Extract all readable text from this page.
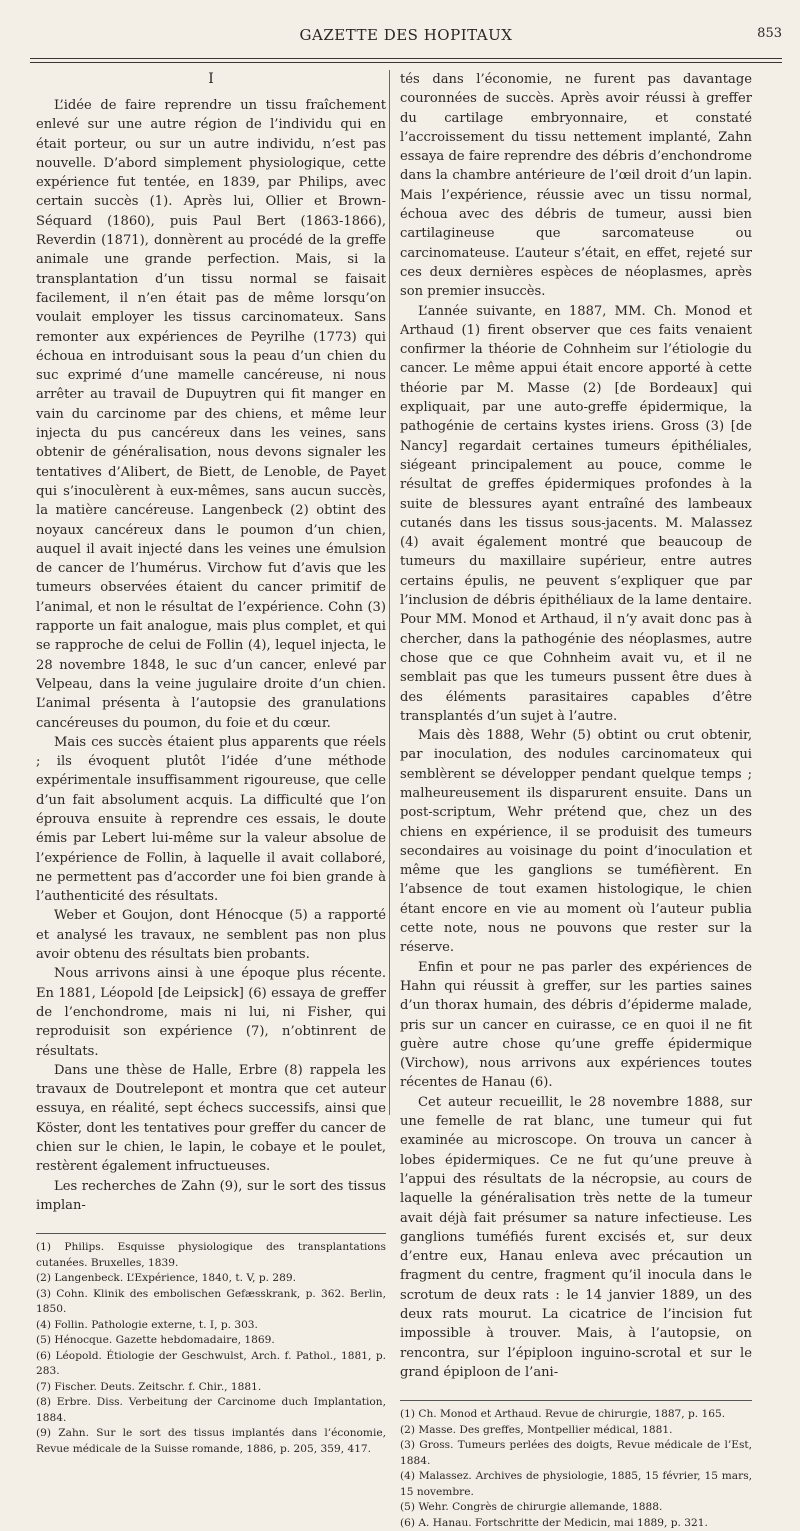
GAZETTE DES HOPITAUX	853
I

L’idée de faire reprendre un tissu fraîchement enlevé sur une autre région de l’individu qui en était porteur, ou sur un autre individu, n’est pas nouvelle. D’abord simplement physiologique, cette expérience fut tentée, en 1839, par Philips, avec certain succès (1). Après lui, Ollier et Brown-Séquard (1860), puis Paul Bert (1863-1866), Reverdin (1871), donnèrent au procédé de la greffe animale une grande perfection. Mais, si la transplantation d’un tissu normal se faisait facilement, il n’en était pas de même lorsqu’on voulait employer les tissus carcinomateux. Sans remonter aux expériences de Peyrilhe (1773) qui échoua en introduisant sous la peau d’un chien du suc exprimé d’une mamelle cancéreuse, ni nous arrêter au travail de Dupuytren qui fit manger en vain du carcinome par des chiens, et même leur injecta du pus cancéreux dans les veines, sans obtenir de généralisation, nous devons signaler les tentatives d’Alibert, de Biett, de Lenoble, de Payet qui s’inoculèrent à eux-mêmes, sans aucun succès, la matière cancéreuse. Langenbeck (2) obtint des noyaux cancéreux dans le poumon d’un chien, auquel il avait injecté dans les veines une émulsion de cancer de l’humérus. Virchow fut d’avis que les tumeurs observées étaient du cancer primitif de l’animal, et non le résultat de l’expérience. Cohn (3) rapporte un fait analogue, mais plus complet, et qui se rapproche de celui de Follin (4), lequel injecta, le 28 novembre 1848, le suc d’un cancer, enlevé par Velpeau, dans la veine jugulaire droite d’un chien. L’animal présenta à l’autopsie des granulations cancéreuses du poumon, du foie et du cœur.

Mais ces succès étaient plus apparents que réels ; ils évoquent plutôt l’idée d’une méthode expérimentale insuffisamment rigoureuse, que celle d’un fait absolument acquis. La difficulté que l’on éprouva ensuite à reprendre ces essais, le doute émis par Lebert lui-même sur la valeur absolue de l’expérience de Follin, à laquelle il avait collaboré, ne permettent pas d’accorder une foi bien grande à l’authenticité des résultats.

Weber et Goujon, dont Hénocque (5) a rapporté et analysé les travaux, ne semblent pas non plus avoir obtenu des résultats bien probants.

Nous arrivons ainsi à une époque plus récente. En 1881, Léopold [de Leipsick] (6) essaya de greffer de l’enchondrome, mais ni lui, ni Fisher, qui reproduisit son expérience (7), n’obtinrent de résultats.

Dans une thèse de Halle, Erbre (8) rappela les travaux de Doutrelepont et montra que cet auteur essuya, en réalité, sept échecs successifs, ainsi que Köster, dont les tentatives pour greffer du cancer de chien sur le chien, le lapin, le cobaye et le poulet, restèrent également infructueuses.

Les recherches de Zahn (9), sur le sort des tissus implan-

(1) Philips. Esquisse physiologique des transplantations cutanées. Bruxelles, 1839.
(2) Langenbeck. L’Expérience, 1840, t. V, p. 289.
(3) Cohn. Klinik des embolischen Gefæsskrank, p. 362. Berlin, 1850.
(4) Follin. Pathologie externe, t. I, p. 303.
(5) Hénocque. Gazette hebdomadaire, 1869.
(6) Léopold. Étiologie der Geschwulst, Arch. f. Pathol., 1881, p. 283.
(7) Fischer. Deuts. Zeitschr. f. Chir., 1881.
(8) Erbre. Diss. Verbeitung der Carcinome duch Implantation, 1884.
(9) Zahn. Sur le sort des tissus implantés dans l’économie, Revue médicale de la Suisse romande, 1886, p. 205, 359, 417.

tés dans l’économie, ne furent pas davantage couronnées de succès. Après avoir réussi à greffer du cartilage embryonnaire, et constaté l’accroissement du tissu nettement implanté, Zahn essaya de faire reprendre des débris d’enchondrome dans la chambre antérieure de l’œil droit d’un lapin. Mais l’expérience, réussie avec un tissu normal, échoua avec des débris de tumeur, aussi bien cartilagineuse que sarcomateuse ou carcinomateuse. L’auteur s’était, en effet, rejeté sur ces deux dernières espèces de néoplasmes, après son premier insuccès.

L’année suivante, en 1887, MM. Ch. Monod et Arthaud (1) firent observer que ces faits venaient confirmer la théorie de Cohnheim sur l’étiologie du cancer. Le même appui était encore apporté à cette théorie par M. Masse (2) [de Bordeaux] qui expliquait, par une auto-greffe épidermique, la pathogénie de certains kystes iriens. Gross (3) [de Nancy] regardait certaines tumeurs épithéliales, siégeant principalement au pouce, comme le résultat de greffes épidermiques profondes à la suite de blessures ayant entraîné des lambeaux cutanés dans les tissus sous-jacents. M. Malassez (4) avait également montré que beaucoup de tumeurs du maxillaire supérieur, entre autres certains épulis, ne peuvent s’expliquer que par l’inclusion de débris épithéliaux de la lame dentaire. Pour MM. Monod et Arthaud, il n’y avait donc pas à chercher, dans la pathogénie des néoplasmes, autre chose que ce que Cohnheim avait vu, et il ne semblait pas que les tumeurs pussent être dues à des éléments parasitaires capables d’être transplantés d’un sujet à l’autre.

Mais dès 1888, Wehr (5) obtint ou crut obtenir, par inoculation, des nodules carcinomateux qui semblèrent se développer pendant quelque temps ; malheureusement ils disparurent ensuite. Dans un post-scriptum, Wehr prétend que, chez un des chiens en expérience, il se produisit des tumeurs secondaires au voisinage du point d’inoculation et même que les ganglions se tuméfièrent. En l’absence de tout examen histologique, le chien étant encore en vie au moment où l’auteur publia cette note, nous ne pouvons que rester sur la réserve.

Enfin et pour ne pas parler des expériences de Hahn qui réussit à greffer, sur les parties saines d’un thorax humain, des débris d’épiderme malade, pris sur un cancer en cuirasse, ce en quoi il ne fit guère autre chose qu’une greffe épidermique (Virchow), nous arrivons aux expériences toutes récentes de Hanau (6).

Cet auteur recueillit, le 28 novembre 1888, sur une femelle de rat blanc, une tumeur qui fut examinée au microscope. On trouva un cancer à lobes épidermiques. Ce ne fut qu’une preuve à l’appui des résultats de la nécropsie, au cours de laquelle la généralisation très nette de la tumeur avait déjà fait présumer sa nature infectieuse. Les ganglions tuméfiés furent excisés et, sur deux d’entre eux, Hanau enleva avec précaution un fragment du centre, fragment qu’il inocula dans le scrotum de deux rats : le 14 janvier 1889, un des deux rats mourut. La cicatrice de l’incision fut impossible à trouver. Mais, à l’autopsie, on rencontra, sur l’épiploon inguino-scrotal et sur le grand épiploon de l’ani-

(1) Ch. Monod et Arthaud. Revue de chirurgie, 1887, p. 165.
(2) Masse. Des greffes, Montpellier médical, 1881.
(3) Gross. Tumeurs perlées des doigts, Revue médicale de l’Est, 1884.
(4) Malassez. Archives de physiologie, 1885, 15 février, 15 mars, 15 novembre.
(5) Wehr. Congrès de chirurgie allemande, 1888.
(6) A. Hanau. Fortschritte der Medicin, mai 1889, p. 321.
